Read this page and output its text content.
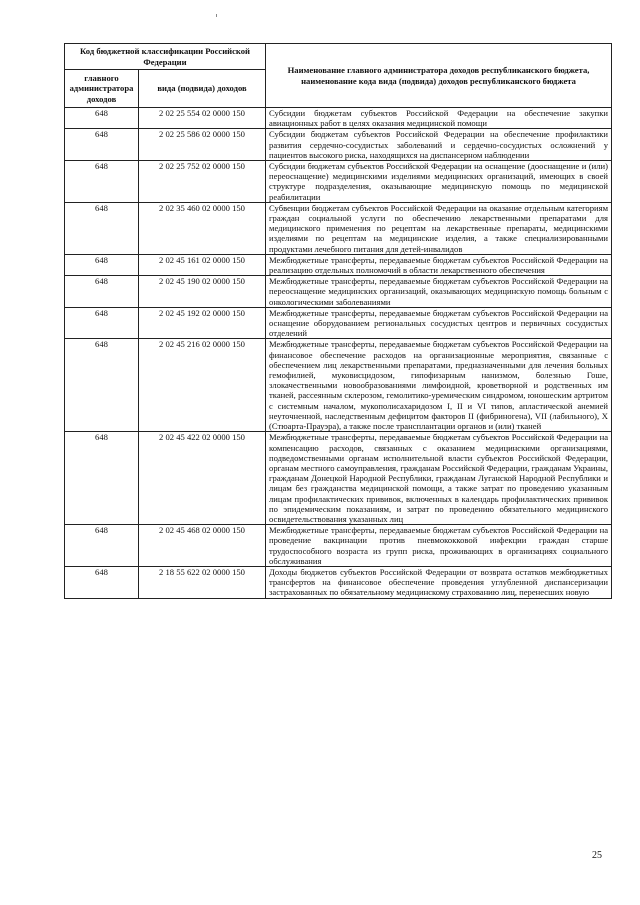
Код бюджетной классификации Российской Федерации		Наименование главного администратора доходов республиканского бюджета, наименование кода вида (подвида) доходов республиканского бюджета
главного администратора доходов	вида (подвида) доходов	
648	2 02 25 554 02 0000 150	Субсидии бюджетам субъектов Российской Федерации на обеспечение закупки авиационных работ в целях оказания медицинской помощи
648	2 02 25 586 02 0000 150	Субсидии бюджетам субъектов Российской Федерации на обеспечение профилактики развития сердечно-сосудистых заболеваний и сердечно-сосудистых осложнений у пациентов высокого риска, находящихся на диспансерном наблюдении
648	2 02 25 752 02 0000 150	Субсидии бюджетам субъектов Российской Федерации на оснащение (дооснащение и (или) переоснащение) медицинскими изделиями медицинских организаций, имеющих в своей структуре подразделения, оказывающие медицинскую помощь по медицинской реабилитации
648	2 02 35 460 02 0000 150	Субвенции бюджетам субъектов Российской Федерации на оказание отдельным категориям граждан социальной услуги по обеспечению лекарственными препаратами для медицинского применения по рецептам на лекарственные препараты, медицинскими изделиями по рецептам на медицинские изделия, а также специализированными продуктами лечебного питания для детей-инвалидов
648	2 02 45 161 02 0000 150	Межбюджетные трансферты, передаваемые бюджетам субъектов Российской Федерации на реализацию отдельных полномочий в области лекарственного обеспечения
648	2 02 45 190 02 0000 150	Межбюджетные трансферты, передаваемые бюджетам субъектов Российской Федерации на переоснащение медицинских организаций, оказывающих медицинскую помощь больным с онкологическими заболеваниями
648	2 02 45 192 02 0000 150	Межбюджетные трансферты, передаваемые бюджетам субъектов Российской Федерации на оснащение оборудованием региональных сосудистых центров и первичных сосудистых отделений
648	2 02 45 216 02 0000 150	Межбюджетные трансферты, передаваемые бюджетам субъектов Российской Федерации на финансовое обеспечение расходов на организационные мероприятия, связанные с обеспечением лиц лекарственными препаратами, предназначенными для лечения больных гемофилией, муковисцидозом, гипофизарным нанизмом, болезнью Гоше, злокачественными новообразованиями лимфоидной, кроветворной и родственных им тканей, рассеянным склерозом, гемолитико-уремическим синдромом, юношеским артритом с системным началом, мукополисахаридозом I, II и VI типов, апластической анемией неуточненной, наследственным дефицитом факторов II (фибриногена), VII (лабильного), X (Стюарта-Прауэра), а также после трансплантации органов и (или) тканей
648	2 02 45 422 02 0000 150	Межбюджетные трансферты, передаваемые бюджетам субъектов Российской Федерации на компенсацию расходов, связанных с оказанием медицинскими организациями, подведомственными органам исполнительной власти субъектов Российской Федерации, органам местного самоуправления, гражданам Российской Федерации, гражданам Украины, гражданам Донецкой Народной Республики, гражданам Луганской Народной Республики и лицам без гражданства медицинской помощи, а также затрат по проведению указанным лицам профилактических прививок, включенных в календарь профилактических прививок по эпидемическим показаниям, и затрат по проведению обязательного медицинского освидетельствования указанных лиц
648	2 02 45 468 02 0000 150	Межбюджетные трансферты, передаваемые бюджетам субъектов Российской Федерации на проведение вакцинации против пневмококковой инфекции граждан старше трудоспособного возраста из групп риска, проживающих в организациях социального обслуживания
648	2 18 55 622 02 0000 150	Доходы бюджетов субъектов Российской Федерации от возврата остатков межбюджетных трансфертов на финансовое обеспечение проведения углубленной диспансеризации застрахованных по обязательному медицинскому страхованию лиц, перенесших новую
25
